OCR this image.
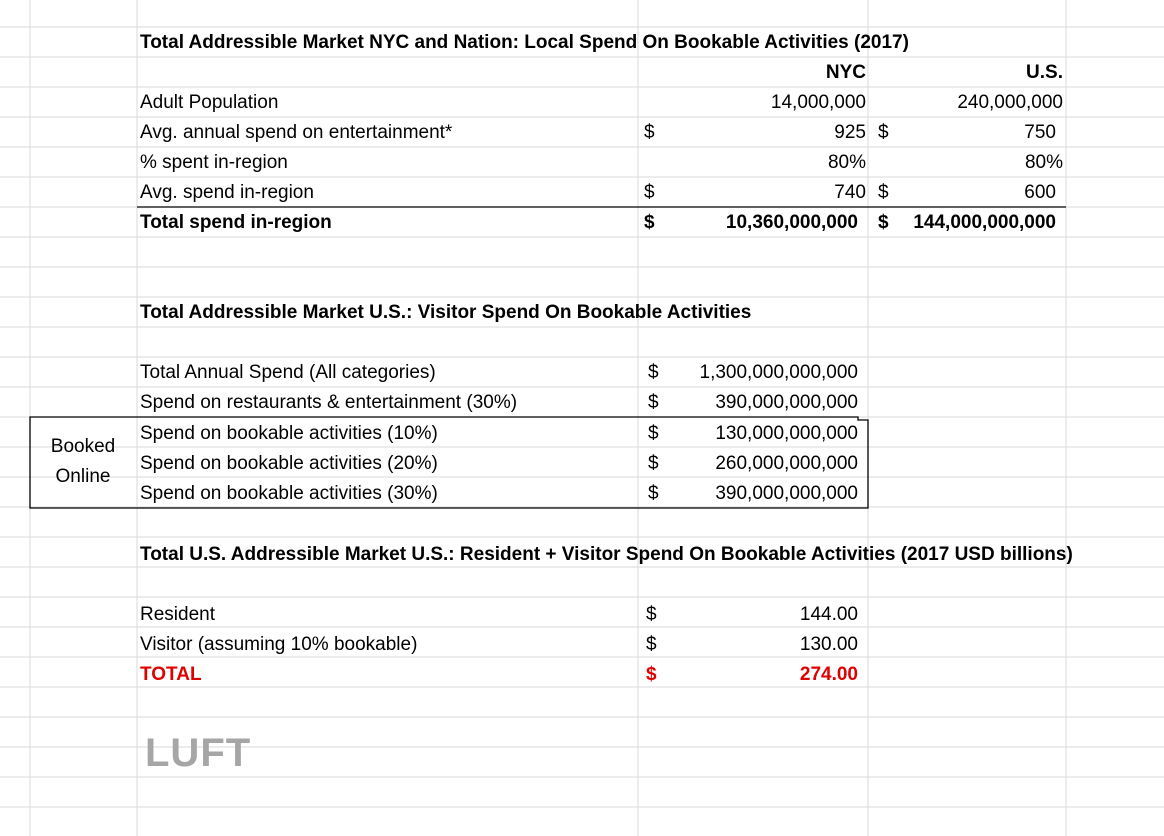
Total Addressible Market NYC and Nation: Local Spend On Bookable Activities (2017)
NYC	U.S.
Adult Population	14,000,000	240,000,000
Avg. annual spend on entertainment*	$	925 $	750
% spent in-region	80%	80%
Avg. spend in-region	$	740 $	600
Total spend in-region	$	10,360,000,000 $	144,000,000,000
Total Addressible Market U.S.: Visitor Spend On Bookable Activities
Total Annual Spend (All categories)	$	1,300,000,000,000
Spend on restaurants & entertainment (30%)	$	390,000,000,000
Spend on bookable activities (10%)	$	130,000,000,000
Spend on bookable activities (20%)	$	260,000,000,000
Spend on bookable activities (30%)	$	390,000,000,000
Booked
Online
Total U.S. Addressible Market U.S.: Resident + Visitor Spend On Bookable Activities (2017 USD billions)
Resident	$	144.00
Visitor (assuming 10% bookable)	$	130.00
TOTAL	$	274.00
LUFT
